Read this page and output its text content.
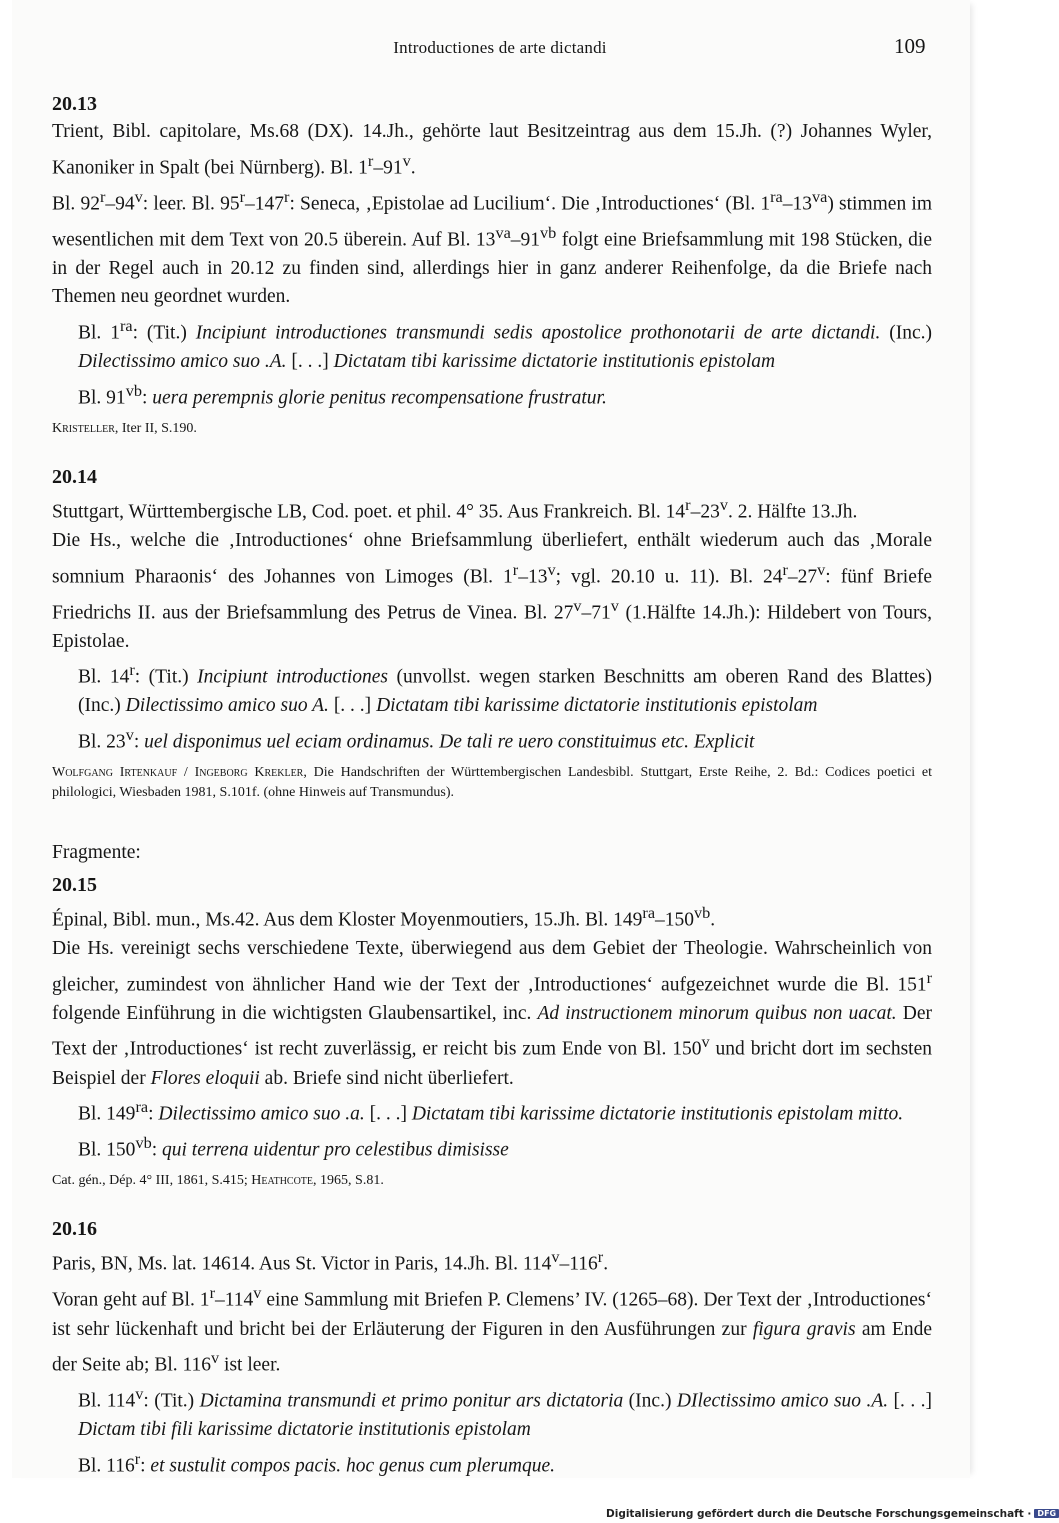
Introductiones de arte dictandi	109
20.13
Trient, Bibl. capitolare, Ms.68 (DX). 14.Jh., gehörte laut Besitzeintrag aus dem 15.Jh. (?) Johannes Wyler, Kanoniker in Spalt (bei Nürnberg). Bl. 1$^r$–91$^v$.
Bl. 92$^r$–94$^v$: leer. Bl. 95$^r$–147$^r$: Seneca, ‚Epistolae ad Lucilium‘. Die ‚Introductiones‘ (Bl. $1^{ra}-13^{va}$) stimmen im wesentlichen mit dem Text von 20.5 überein. Auf Bl. $13^{va}-91^{vb}$ folgt eine Briefsammlung mit 198 Stücken, die in der Regel auch in 20.12 zu finden sind, allerdings hier in ganz anderer Reihenfolge, da die Briefe nach Themen neu geordnet wurden.
Bl. $1^{ra}$: (Tit.) Incipiunt introductiones transmundi sedis apostolice prothonotarii de arte dictandi. (Inc.) Dilectissimo amico suo .A. [. . .] Dictatam tibi karissime dictatorie institutionis epistolam
Bl. $91^{vb}$: uera perempnis glorie penitus recompensatione frustratur.
Kristeller, Iter II, S.190.
20.14
Stuttgart, Württembergische LB, Cod. poet. et phil. 4° 35. Aus Frankreich. Bl. 14$^r$–23$^v$. 2. Hälfte 13.Jh.
Die Hs., welche die ‚Introductiones‘ ohne Briefsammlung überliefert, enthält wiederum auch das ‚Morale somnium Pharaonis‘ des Johannes von Limoges (Bl. 1$^r$–13$^v$; vgl. 20.10 u. 11). Bl. 24$^r$–27$^v$: fünf Briefe Friedrichs II. aus der Briefsammlung des Petrus de Vinea. Bl. 27$^v$–71$^v$ (1.Hälfte 14.Jh.): Hildebert von Tours, Epistolae.
Bl. 14$^r$: (Tit.) Incipiunt introductiones (unvollst. wegen starken Beschnitts am oberen Rand des Blattes) (Inc.) Dilectissimo amico suo A. [. . .] Dictatam tibi karissime dictatorie institutionis epistolam
Bl. 23$^v$: uel disponimus uel eciam ordinamus. De tali re uero constituimus etc. Explicit
Wolfgang Irtenkauf / Ingeborg Krekler, Die Handschriften der Württembergischen Landesbibl. Stuttgart, Erste Reihe, 2. Bd.: Codices poetici et philologici, Wiesbaden 1981, S.101f. (ohne Hinweis auf Transmundus).
Fragmente:
20.15
Épinal, Bibl. mun., Ms.42. Aus dem Kloster Moyenmoutiers, 15.Jh. Bl. $149^{ra}-150^{vb}$.
Die Hs. vereinigt sechs verschiedene Texte, überwiegend aus dem Gebiet der Theologie. Wahrscheinlich von gleicher, zumindest von ähnlicher Hand wie der Text der ‚Introductiones‘ aufgezeichnet wurde die Bl. 151$^r$ folgende Einführung in die wichtigsten Glaubensartikel, inc. Ad instructionem minorum quibus non uacat. Der Text der ‚Introductiones‘ ist recht zuverlässig, er reicht bis zum Ende von Bl. 150$^v$ und bricht dort im sechsten Beispiel der Flores eloquii ab. Briefe sind nicht überliefert.
Bl. $149^{ra}$: Dilectissimo amico suo .a. [. . .] Dictatam tibi karissime dictatorie institutionis epistolam mitto.
Bl. $150^{vb}$: qui terrena uidentur pro celestibus dimisisse
Cat. gén., Dép. 4° III, 1861, S.415; Heathcote, 1965, S.81.
20.16
Paris, BN, Ms. lat. 14614. Aus St. Victor in Paris, 14.Jh. Bl. 114$^v$–116$^r$.
Voran geht auf Bl. 1$^r$–114$^v$ eine Sammlung mit Briefen P. Clemens’ IV. (1265–68). Der Text der ‚Introductiones‘ ist sehr lückenhaft und bricht bei der Erläuterung der Figuren in den Ausführungen zur figura gravis am Ende der Seite ab; Bl. 116$^v$ ist leer.
Bl. 114$^v$: (Tit.) Dictamina transmundi et primo ponitur ars dictatoria (Inc.) DIlectissimo amico suo .A. [. . .] Dictam tibi fili karissime dictatorie institutionis epistolam
Bl. 116$^r$: et sustulit compos pacis. hoc genus cum plerumque.
Digitalisierung gefördert durch die Deutsche Forschungsgemeinschaft · DFG
